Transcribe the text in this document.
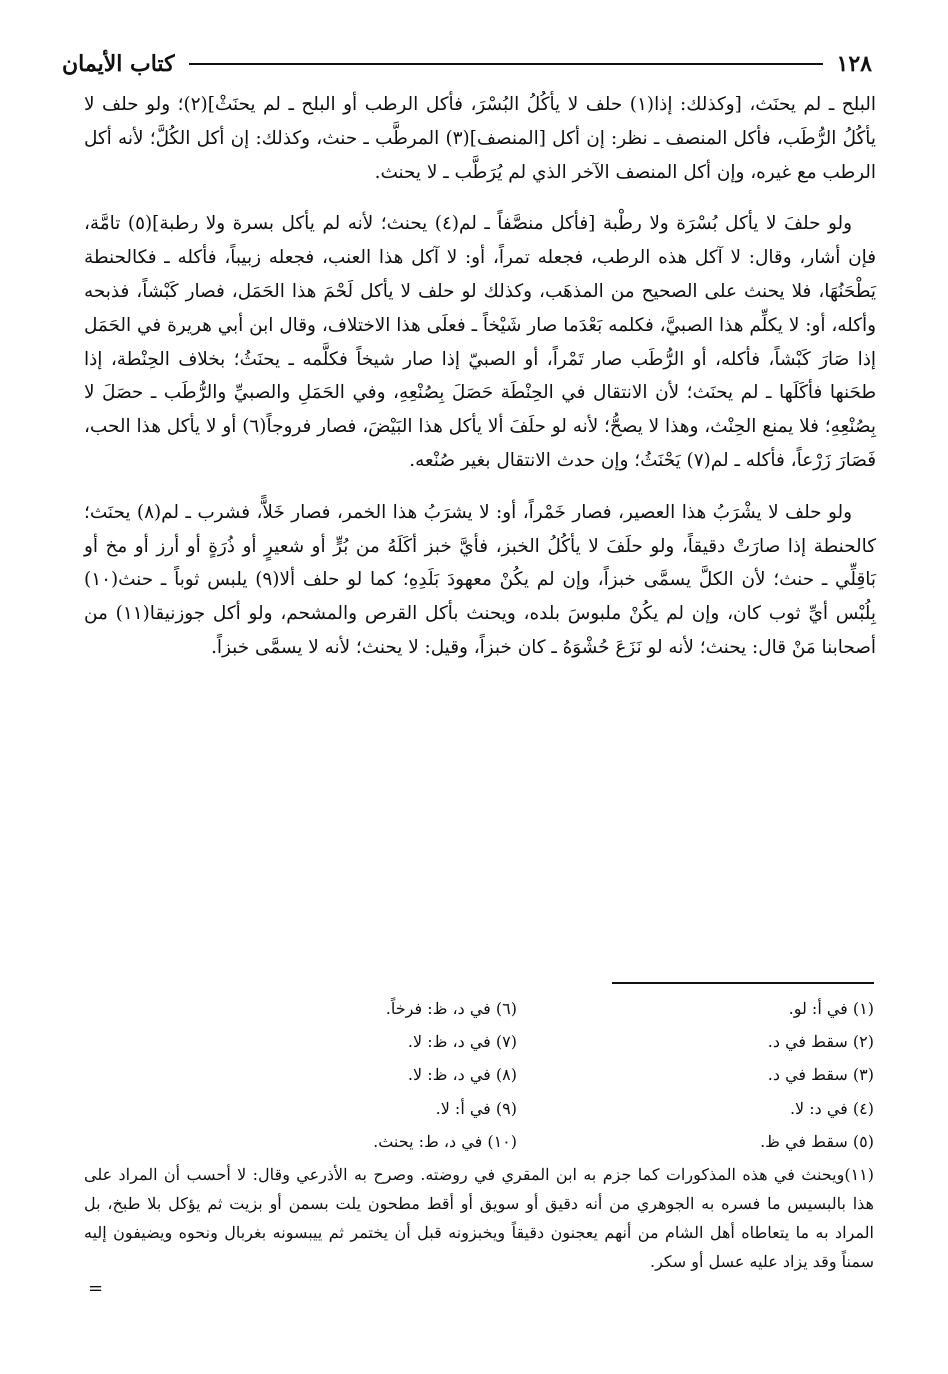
١٢٨
كتاب الأيمان

البلح ـ لم يحنَث، [وكذلك: إذا(١) حلف لا يأكُلُ البُسْرَ، فأكل الرطب أو البلح ـ لم يحنَثْ](٢)؛ ولو حلف لا يأكُلُ الرُّطَب، فأكل المنصف ـ نظر: إن أكل [المنصف](٣) المرطَّب ـ حنث، وكذلك: إن أكل الكُلَّ؛ لأنه أكل الرطب مع غيره، وإن أكل المنصف الآخر الذي لم يُرَطَّب ـ لا يحنث.

ولو حلفَ لا يأكل بُسْرَة ولا رطْبة [فأكل منصَّفاً ـ لم(٤) يحنث؛ لأنه لم يأكل بسرة ولا رطبة](٥) تامَّة، فإن أشار، وقال: لا آكل هذه الرطب، فجعله تمراً، أو: لا آكل هذا العنب، فجعله زبيباً، فأكله ـ فكالحنطة يَطْحَنُهَا، فلا يحنث على الصحيح من المذهَب، وكذلك لو حلف لا يأكل لَحْمَ هذا الحَمَل، فصار كَبْشاً، فذبحه وأكله، أو: لا يكلِّم هذا الصبيَّ، فكلمه بَعْدَما صار شَيْخاً ـ فعلَى هذا الاختلاف، وقال ابن أبي هريرة في الحَمَل إذا صَارَ كَبْشاً، فأكله، أو الرُّطَب صار تَمْراً، أو الصبيّ إذا صار شيخاً فكلَّمه ـ يحنَثُ؛ بخلاف الحِنْطة، إذا طحَنها فأكَلَها ـ لم يحنَث؛ لأن الانتقال في الحِنْطَة حَصَلَ بِصُنْعِهِ، وفي الحَمَلِ والصبيِّ والرُّطَب ـ حصَلَ لا بِصُنْعِهِ؛ فلا يمنع الحِنْث، وهذا لا يصحُّ؛ لأنه لو حلَفَ ألا يأكل هذا البَيْضَ، فصار فروجاً(٦) أو لا يأكل هذا الحب، فَصَارَ زَرْعاً، فأكله ـ لم(٧) يَحْنَثُ؛ وإن حدث الانتقال بغير صُنْعه.

ولو حلف لا يشْرَبُ هذا العصير، فصار خَمْراً، أو: لا يشرَبُ هذا الخمر، فصار خَلاًّ، فشرب ـ لم(٨) يحنَث؛ كالحنطة إذا صارَتْ دقيقاً، ولو حلَفَ لا يأكُلُ الخبز، فأيَّ خبز أكَلَهُ من بُرٍّ أو شعيرٍ أو ذُرَةٍ أو أرز أو مخ أو بَاقِلِّي ـ حنث؛ لأن الكلَّ يسمَّى خبزاً، وإن لم يكُنْ معهودَ بَلَدِهِ؛ كما لو حلف ألا(٩) يلبس ثوباً ـ حنث(١٠) بِلُبْس أيِّ ثوب كان، وإن لم يكُنْ ملبوسَ بلده، ويحنث بأكل القرص والمشحم، ولو أكل جوزنيقا(١١) من أصحابنا مَنْ قال: يحنث؛ لأنه لو نَزَعَ حُشْوَهُ ـ كان خبزاً، وقيل: لا يحنث؛ لأنه لا يسمَّى خبزاً.

(١) في أ: لو.
(٢) سقط في د.
(٣) سقط في د.
(٤) في د: لا.
(٥) سقط في ظ.
(٦) في د، ظ: فرخاً.
(٧) في د، ظ: لا.
(٨) في د، ظ: لا.
(٩) في أ: لا.
(١٠) في د، ط: يحنث.
(١١)ويحنث في هذه المذكورات كما جزم به ابن المقري في روضته. وصرح به الأذرعي وقال: لا أحسب أن المراد على هذا بالبسيس ما فسره به الجوهري من أنه دقيق أو سويق أو أقط مطحون يلت بسمن أو بزيت ثم يؤكل بلا طبخ، بل المراد به ما يتعاطاه أهل الشام من أنهم يعجنون دقيقاً ويخبزونه قبل أن يختمر ثم ييبسونه بغربال ونحوه ويضيفون إليه سمناً وقد يزاد عليه عسل أو سكر.
=
